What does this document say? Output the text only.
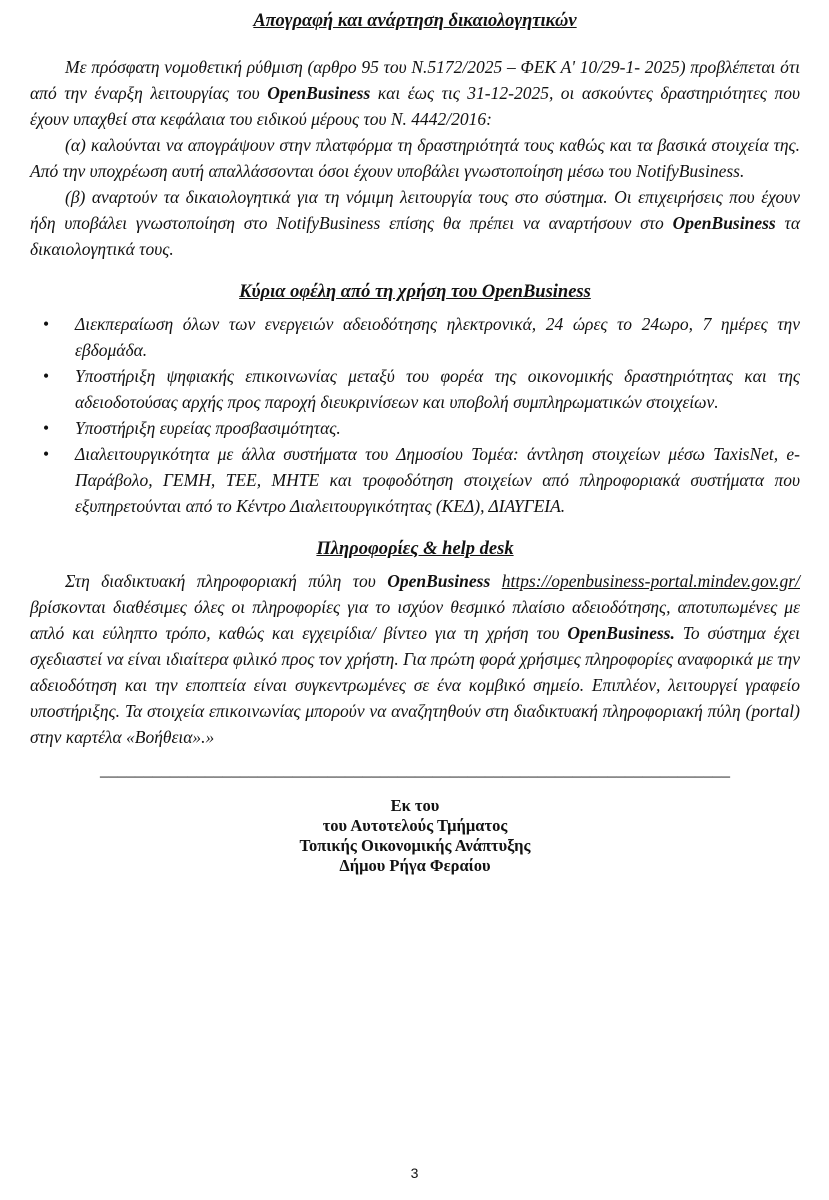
Απογραφή και ανάρτηση δικαιολογητικών

Με πρόσφατη νομοθετική ρύθμιση (αρθρο 95 του Ν.5172/2025 – ΦΕΚ Α' 10/29-1- 2025) προβλέπεται ότι από την έναρξη λειτουργίας του OpenBusiness και έως τις 31-12-2025, οι ασκούντες δραστηριότητες που έχουν υπαχθεί στα κεφάλαια του ειδικού μέρους του Ν. 4442/2016:

(α) καλούνται να απογράψουν στην πλατφόρμα τη δραστηριότητά τους καθώς και τα βασικά στοιχεία της. Από την υποχρέωση αυτή απαλλάσσονται όσοι έχουν υποβάλει γνωστοποίηση μέσω του NotifyBusiness.

(β) αναρτούν τα δικαιολογητικά για τη νόμιμη λειτουργία τους στο σύστημα. Οι επιχειρήσεις που έχουν ήδη υποβάλει γνωστοποίηση στο NotifyBusiness επίσης θα πρέπει να αναρτήσουν στο OpenBusiness τα δικαιολογητικά τους.

Κύρια οφέλη από τη χρήση του OpenBusiness
• Διεκπεραίωση όλων των ενεργειών αδειοδότησης ηλεκτρονικά, 24 ώρες το 24ωρο, 7 ημέρες την εβδομάδα.
• Υποστήριξη ψηφιακής επικοινωνίας μεταξύ του φορέα της οικονομικής δραστηριότητας και της αδειοδοτούσας αρχής προς παροχή διευκρινίσεων και υποβολή συμπληρωματικών στοιχείων.
• Υποστήριξη ευρείας προσβασιμότητας.
• Διαλειτουργικότητα με άλλα συστήματα του Δημοσίου Τομέα: άντληση στοιχείων μέσω TaxisNet, e-Παράβολο, ΓΕΜΗ, ΤΕΕ, ΜΗΤΕ και τροφοδότηση στοιχείων από πληροφοριακά συστήματα που εξυπηρετούνται από το Κέντρο Διαλειτουργικότητας (ΚΕΔ), ΔΙΑΥΓΕΙΑ.
Πληροφορίες & help desk

Στη διαδικτυακή πληροφοριακή πύλη του OpenBusiness https://openbusiness-portal.mindev.gov.gr/ βρίσκονται διαθέσιμες όλες οι πληροφορίες για το ισχύον θεσμικό πλαίσιο αδειοδότησης, αποτυπωμένες με απλό και εύληπτο τρόπο, καθώς και εγχειρίδια/ βίντεο για τη χρήση του OpenBusiness. Το σύστημα έχει σχεδιαστεί να είναι ιδιαίτερα φιλικό προς τον χρήστη. Για πρώτη φορά χρήσιμες πληροφορίες αναφορικά με την αδειοδότηση και την εποπτεία είναι συγκεντρωμένες σε ένα κομβικό σημείο. Επιπλέον, λειτουργεί γραφείο υποστήριξης. Τα στοιχεία επικοινωνίας μπορούν να αναζητηθούν στη διαδικτυακή πληροφοριακή πύλη (portal) στην καρτέλα «Βοήθεια».»

________________________________________________________________________
Εκ του
του Αυτοτελούς Τμήματος
Τοπικής Οικονομικής Ανάπτυξης
Δήμου Ρήγα Φεραίου
3
